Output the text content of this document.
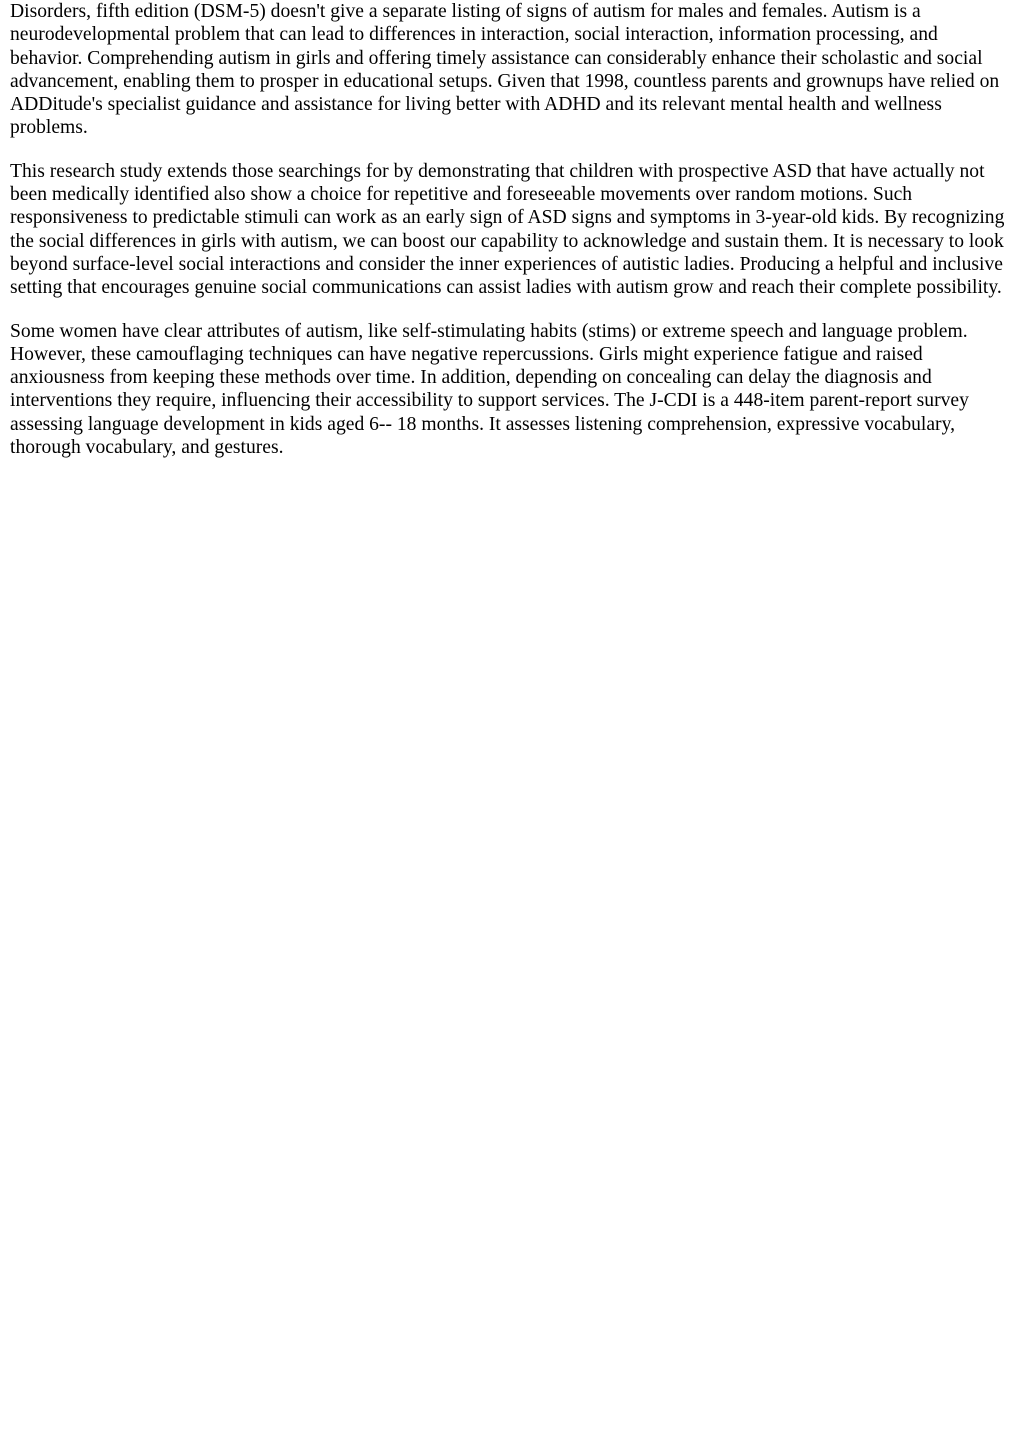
Disorders, fifth edition (DSM-5) doesn't give a separate listing of signs of autism for males and females. Autism is a neurodevelopmental problem that can lead to differences in interaction, social interaction, information processing, and behavior. Comprehending autism in girls and offering timely assistance can considerably enhance their scholastic and social advancement, enabling them to prosper in educational setups. Given that 1998, countless parents and grownups have relied on ADDitude's specialist guidance and assistance for living better with ADHD and its relevant mental health and wellness problems.

This research study extends those searchings for by demonstrating that children with prospective ASD that have actually not been medically identified also show a choice for repetitive and foreseeable movements over random motions. Such responsiveness to predictable stimuli can work as an early sign of ASD signs and symptoms in 3-year-old kids. By recognizing the social differences in girls with autism, we can boost our capability to acknowledge and sustain them. It is necessary to look beyond surface-level social interactions and consider the inner experiences of autistic ladies. Producing a helpful and inclusive setting that encourages genuine social communications can assist ladies with autism grow and reach their complete possibility.

Some women have clear attributes of autism, like self-stimulating habits (stims) or extreme speech and language problem. However, these camouflaging techniques can have negative repercussions. Girls might experience fatigue and raised anxiousness from keeping these methods over time. In addition, depending on concealing can delay the diagnosis and interventions they require, influencing their accessibility to support services. The J-CDI is a 448-item parent-report survey assessing language development in kids aged 6-- 18 months. It assesses listening comprehension, expressive vocabulary, thorough vocabulary, and gestures.
